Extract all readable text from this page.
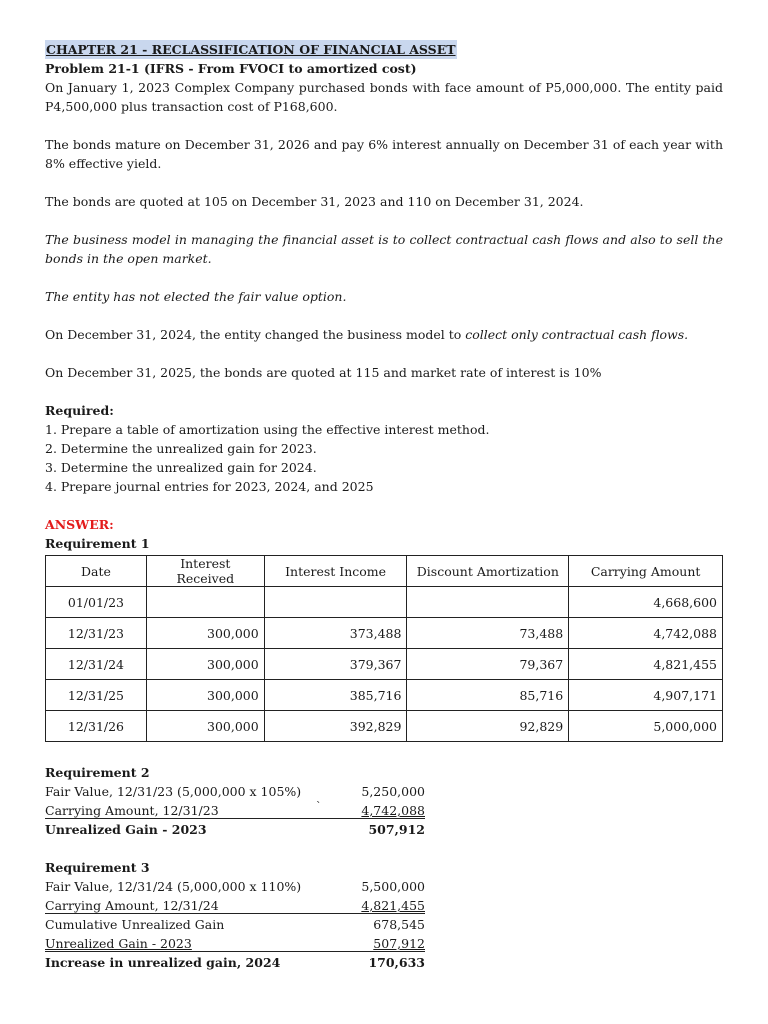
CHAPTER 21 - RECLASSIFICATION OF FINANCIAL ASSET

Problem 21-1 (IFRS - From FVOCI to amortized cost)

On January 1, 2023 Complex Company purchased bonds with face amount of P5,000,000. The entity paid P4,500,000 plus transaction cost of P168,600.

The bonds mature on December 31, 2026 and pay 6% interest annually on December 31 of each year with 8% effective yield.

The bonds are quoted at 105 on December 31, 2023 and 110 on December 31, 2024.

The business model in managing the financial asset is to collect contractual cash flows and also to sell the bonds in the open market.

The entity has not elected the fair value option.

On December 31, 2024, the entity changed the business model to collect only contractual cash flows.

On December 31, 2025, the bonds are quoted at 115 and market rate of interest is 10%

Required:

1. Prepare a table of amortization using the effective interest method.

2. Determine the unrealized gain for 2023.

3. Determine the unrealized gain for 2024.

4. Prepare journal entries for 2023, 2024, and 2025

ANSWER:

Requirement 1

Date	Interest Received	Interest Income	Discount Amortization	Carrying Amount
01/01/23				4,668,600
12/31/23	300,000	373,488	73,488	4,742,088
12/31/24	300,000	379,367	79,367	4,821,455
12/31/25	300,000	385,716	85,716	4,907,171
12/31/26	300,000	392,829	92,829	5,000,000

Requirement 2

Fair Value, 12/31/23 (5,000,000 x 105%)	5,250,000
Carrying Amount, 12/31/23	`	4,742,088
Unrealized Gain - 2023	507,912

Requirement 3

Fair Value, 12/31/24 (5,000,000 x 110%)	5,500,000
Carrying Amount, 12/31/24	4,821,455
Cumulative Unrealized Gain	678,545
Unrealized Gain - 2023	507,912
Increase in unrealized gain, 2024	170,633
